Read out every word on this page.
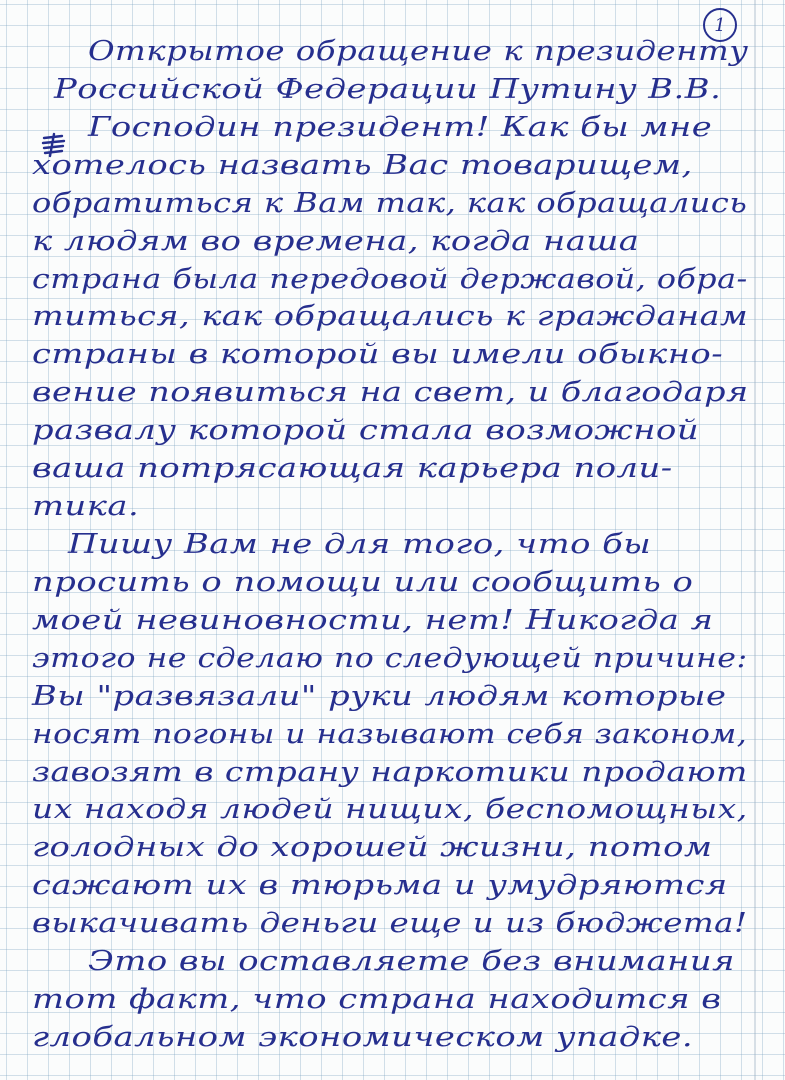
1
Открытое обращение к президенту
Российской Федерации Путину В.В.
Господин президент! Как бы мне
хотелось назвать Вас товарищем,
обратиться к Вам так, как обращались
к людям во времена, когда наша
страна была передовой державой, обра-
титься, как обращались к гражданам
страны в которой вы имели обыкно-
вение появиться на свет, и благодаря
развалу которой стала возможной
ваша потрясающая карьера поли-
тика.
Пишу Вам не для того, что бы
просить о помощи или сообщить о
моей невиновности, нет! Никогда я
этого не сделаю по следующей причине:
Вы "развязали" руки людям которые
носят погоны и называют себя законом,
завозят в страну наркотики продают
их находя людей нищих, беспомощных,
голодных до хорошей жизни, потом
сажают их в тюрьма и умудряются
выкачивать деньги еще и из бюджета!
Это вы оставляете без внимания
тот факт, что страна находится в
глобальном экономическом упадке.
